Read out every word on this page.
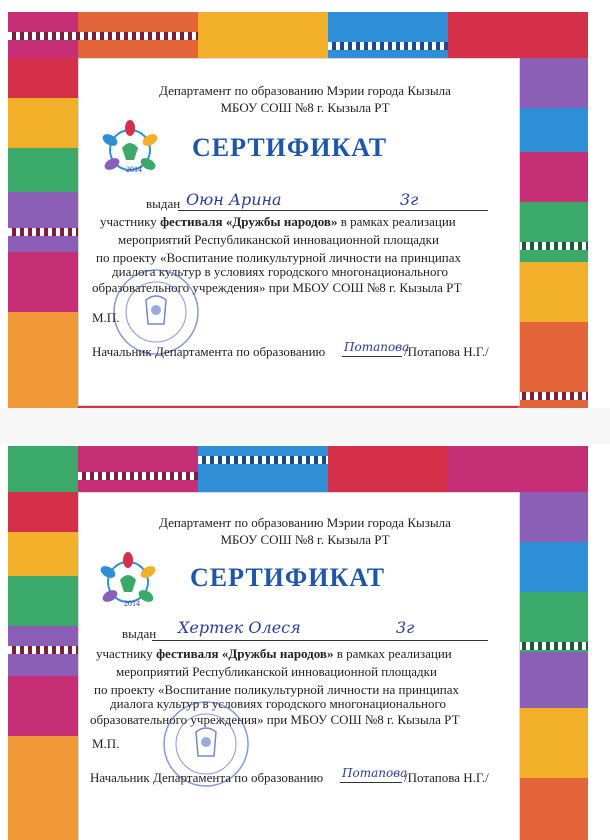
Департамент по образованию Мэрии города Кызыла
МБОУ СОШ №8 г. Кызыла РТ
2014
СЕРТИФИКАТ
выдан Оюн Арина	3г
участнику фестиваля «Дружбы народов» в рамках реализации
мероприятий Республиканской инновационной площадки
по проекту «Воспитание поликультурной личности на принципах
диалога культур в условиях городского многонационального
образовательного учреждения» при МБОУ СОШ №8 г. Кызыла РТ
М.П.
Начальник Департамента по образованию Потапова
/Потапова Н.Г./
Департамент по образованию Мэрии города Кызыла
МБОУ СОШ №8 г. Кызыла РТ
2014
СЕРТИФИКАТ
выдан Хертек Олеся	3г
участнику фестиваля «Дружбы народов» в рамках реализации
мероприятий Республиканской инновационной площадки
по проекту «Воспитание поликультурной личности на принципах
диалога культур в условиях городского многонационального
образовательного учреждения» при МБОУ СОШ №8 г. Кызыла РТ
М.П.
Начальник Департамента по образованию Потапова
/Потапова Н.Г./
